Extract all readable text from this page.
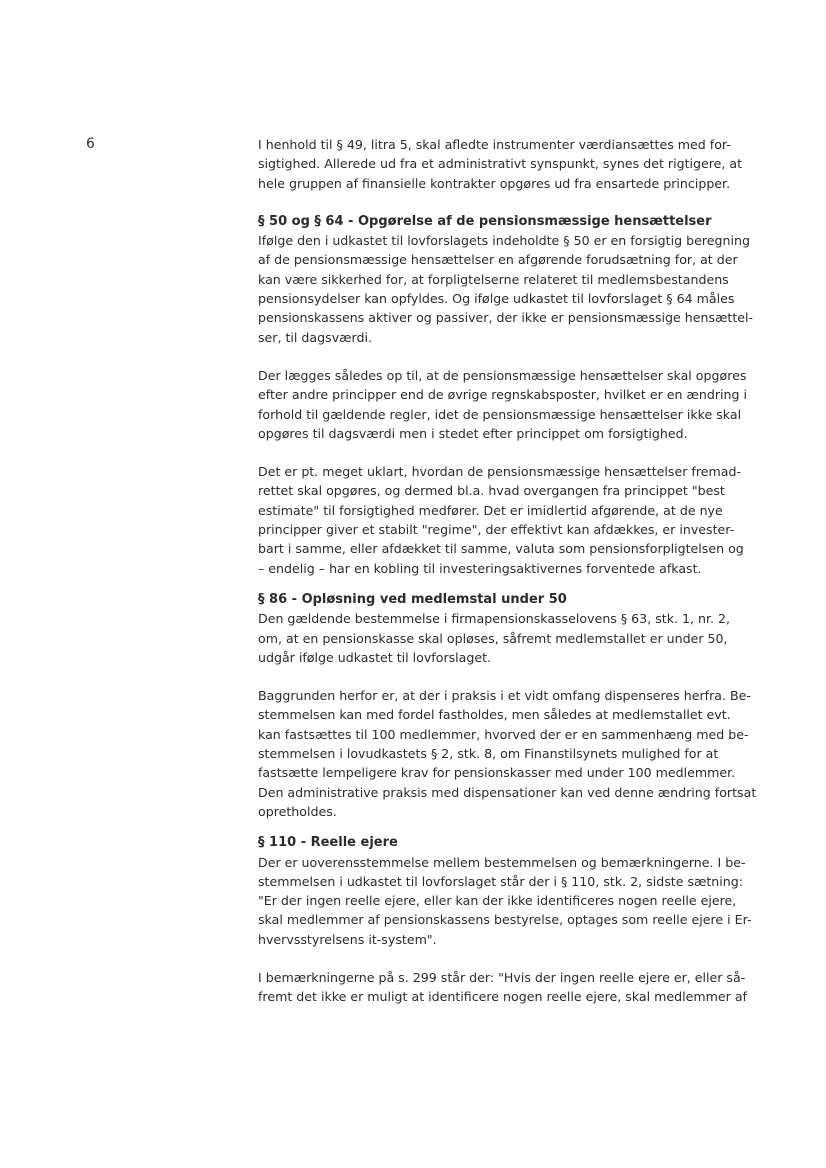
6	I henhold til § 49, litra 5, skal afledte instrumenter værdiansættes med for-
sigtighed. Allerede ud fra et administrativt synspunkt, synes det rigtigere, at
hele gruppen af finansielle kontrakter opgøres ud fra ensartede principper.
§ 50 og § 64 - Opgørelse af de pensionsmæssige hensættelser
Ifølge den i udkastet til lovforslagets indeholdte § 50 er en forsigtig beregning
af de pensionsmæssige hensættelser en afgørende forudsætning for, at der
kan være sikkerhed for, at forpligtelserne relateret til medlemsbestandens
pensionsydelser kan opfyldes. Og ifølge udkastet til lovforslaget § 64 måles
pensionskassens aktiver og passiver, der ikke er pensionsmæssige hensættel-
ser, til dagsværdi.
Der lægges således op til, at de pensionsmæssige hensættelser skal opgøres
efter andre principper end de øvrige regnskabsposter, hvilket er en ændring i
forhold til gældende regler, idet de pensionsmæssige hensættelser ikke skal
opgøres til dagsværdi men i stedet efter princippet om forsigtighed.
Det er pt. meget uklart, hvordan de pensionsmæssige hensættelser fremad-
rettet skal opgøres, og dermed bl.a. hvad overgangen fra princippet "best
estimate" til forsigtighed medfører. Det er imidlertid afgørende, at de nye
principper giver et stabilt "regime", der effektivt kan afdækkes, er invester-
bart i samme, eller afdækket til samme, valuta som pensionsforpligtelsen og
– endelig – har en kobling til investeringsaktivernes forventede afkast.
§ 86 - Opløsning ved medlemstal under 50
Den gældende bestemmelse i firmapensionskasselovens § 63, stk. 1, nr. 2,
om, at en pensionskasse skal opløses, såfremt medlemstallet er under 50,
udgår ifølge udkastet til lovforslaget.
Baggrunden herfor er, at der i praksis i et vidt omfang dispenseres herfra. Be-
stemmelsen kan med fordel fastholdes, men således at medlemstallet evt.
kan fastsættes til 100 medlemmer, hvorved der er en sammenhæng med be-
stemmelsen i lovudkastets § 2, stk. 8, om Finanstilsynets mulighed for at
fastsætte lempeligere krav for pensionskasser med under 100 medlemmer.
Den administrative praksis med dispensationer kan ved denne ændring fortsat
opretholdes.
§ 110 - Reelle ejere
Der er uoverensstemmelse mellem bestemmelsen og bemærkningerne. I be-
stemmelsen i udkastet til lovforslaget står der i § 110, stk. 2, sidste sætning:
"Er der ingen reelle ejere, eller kan der ikke identificeres nogen reelle ejere,
skal medlemmer af pensionskassens bestyrelse, optages som reelle ejere i Er-
hvervsstyrelsens it-system".
I bemærkningerne på s. 299 står der: "Hvis der ingen reelle ejere er, eller så-
fremt det ikke er muligt at identificere nogen reelle ejere, skal medlemmer af
